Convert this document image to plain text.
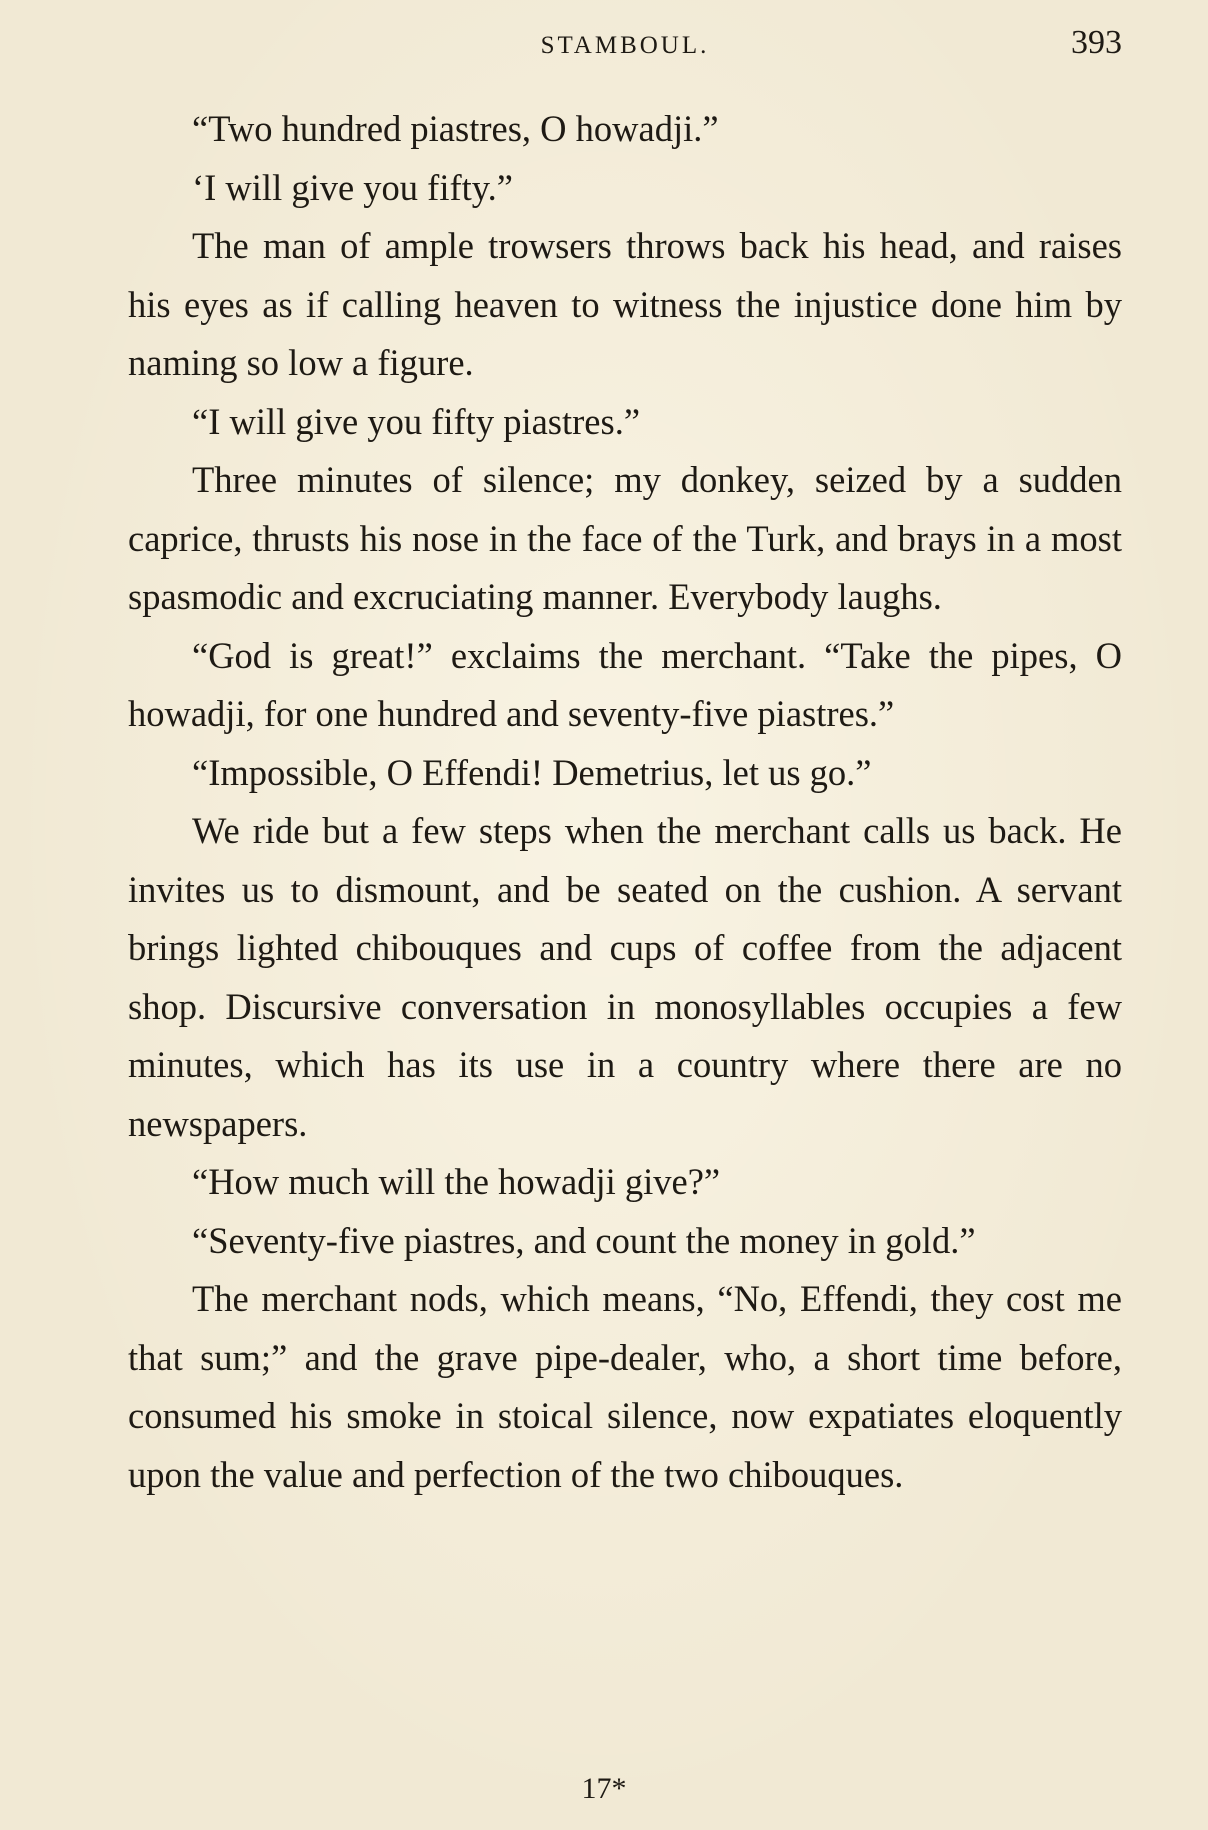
STAMBOUL.	393

“Two hundred piastres, O howadji.”

‘I will give you fifty.”

The man of ample trowsers throws back his head, and raises his eyes as if calling heaven to witness the injustice done him by naming so low a figure.

“I will give you fifty piastres.”

Three minutes of silence; my donkey, seized by a sudden caprice, thrusts his nose in the face of the Turk, and brays in a most spasmodic and excruciating manner. Everybody laughs.

“God is great!” exclaims the merchant. “Take the pipes, O howadji, for one hundred and seventy-five piastres.”

“Impossible, O Effendi! Demetrius, let us go.”

We ride but a few steps when the merchant calls us back. He invites us to dismount, and be seated on the cushion. A servant brings lighted chibouques and cups of coffee from the adjacent shop. Discursive conversation in monosyllables occupies a few minutes, which has its use in a country where there are no newspapers.

“How much will the howadji give?”

“Seventy-five piastres, and count the money in gold.”

The merchant nods, which means, “No, Effendi, they cost me that sum;” and the grave pipe-dealer, who, a short time before, consumed his smoke in stoical silence, now expatiates eloquently upon the value and perfection of the two chibouques.

17*
